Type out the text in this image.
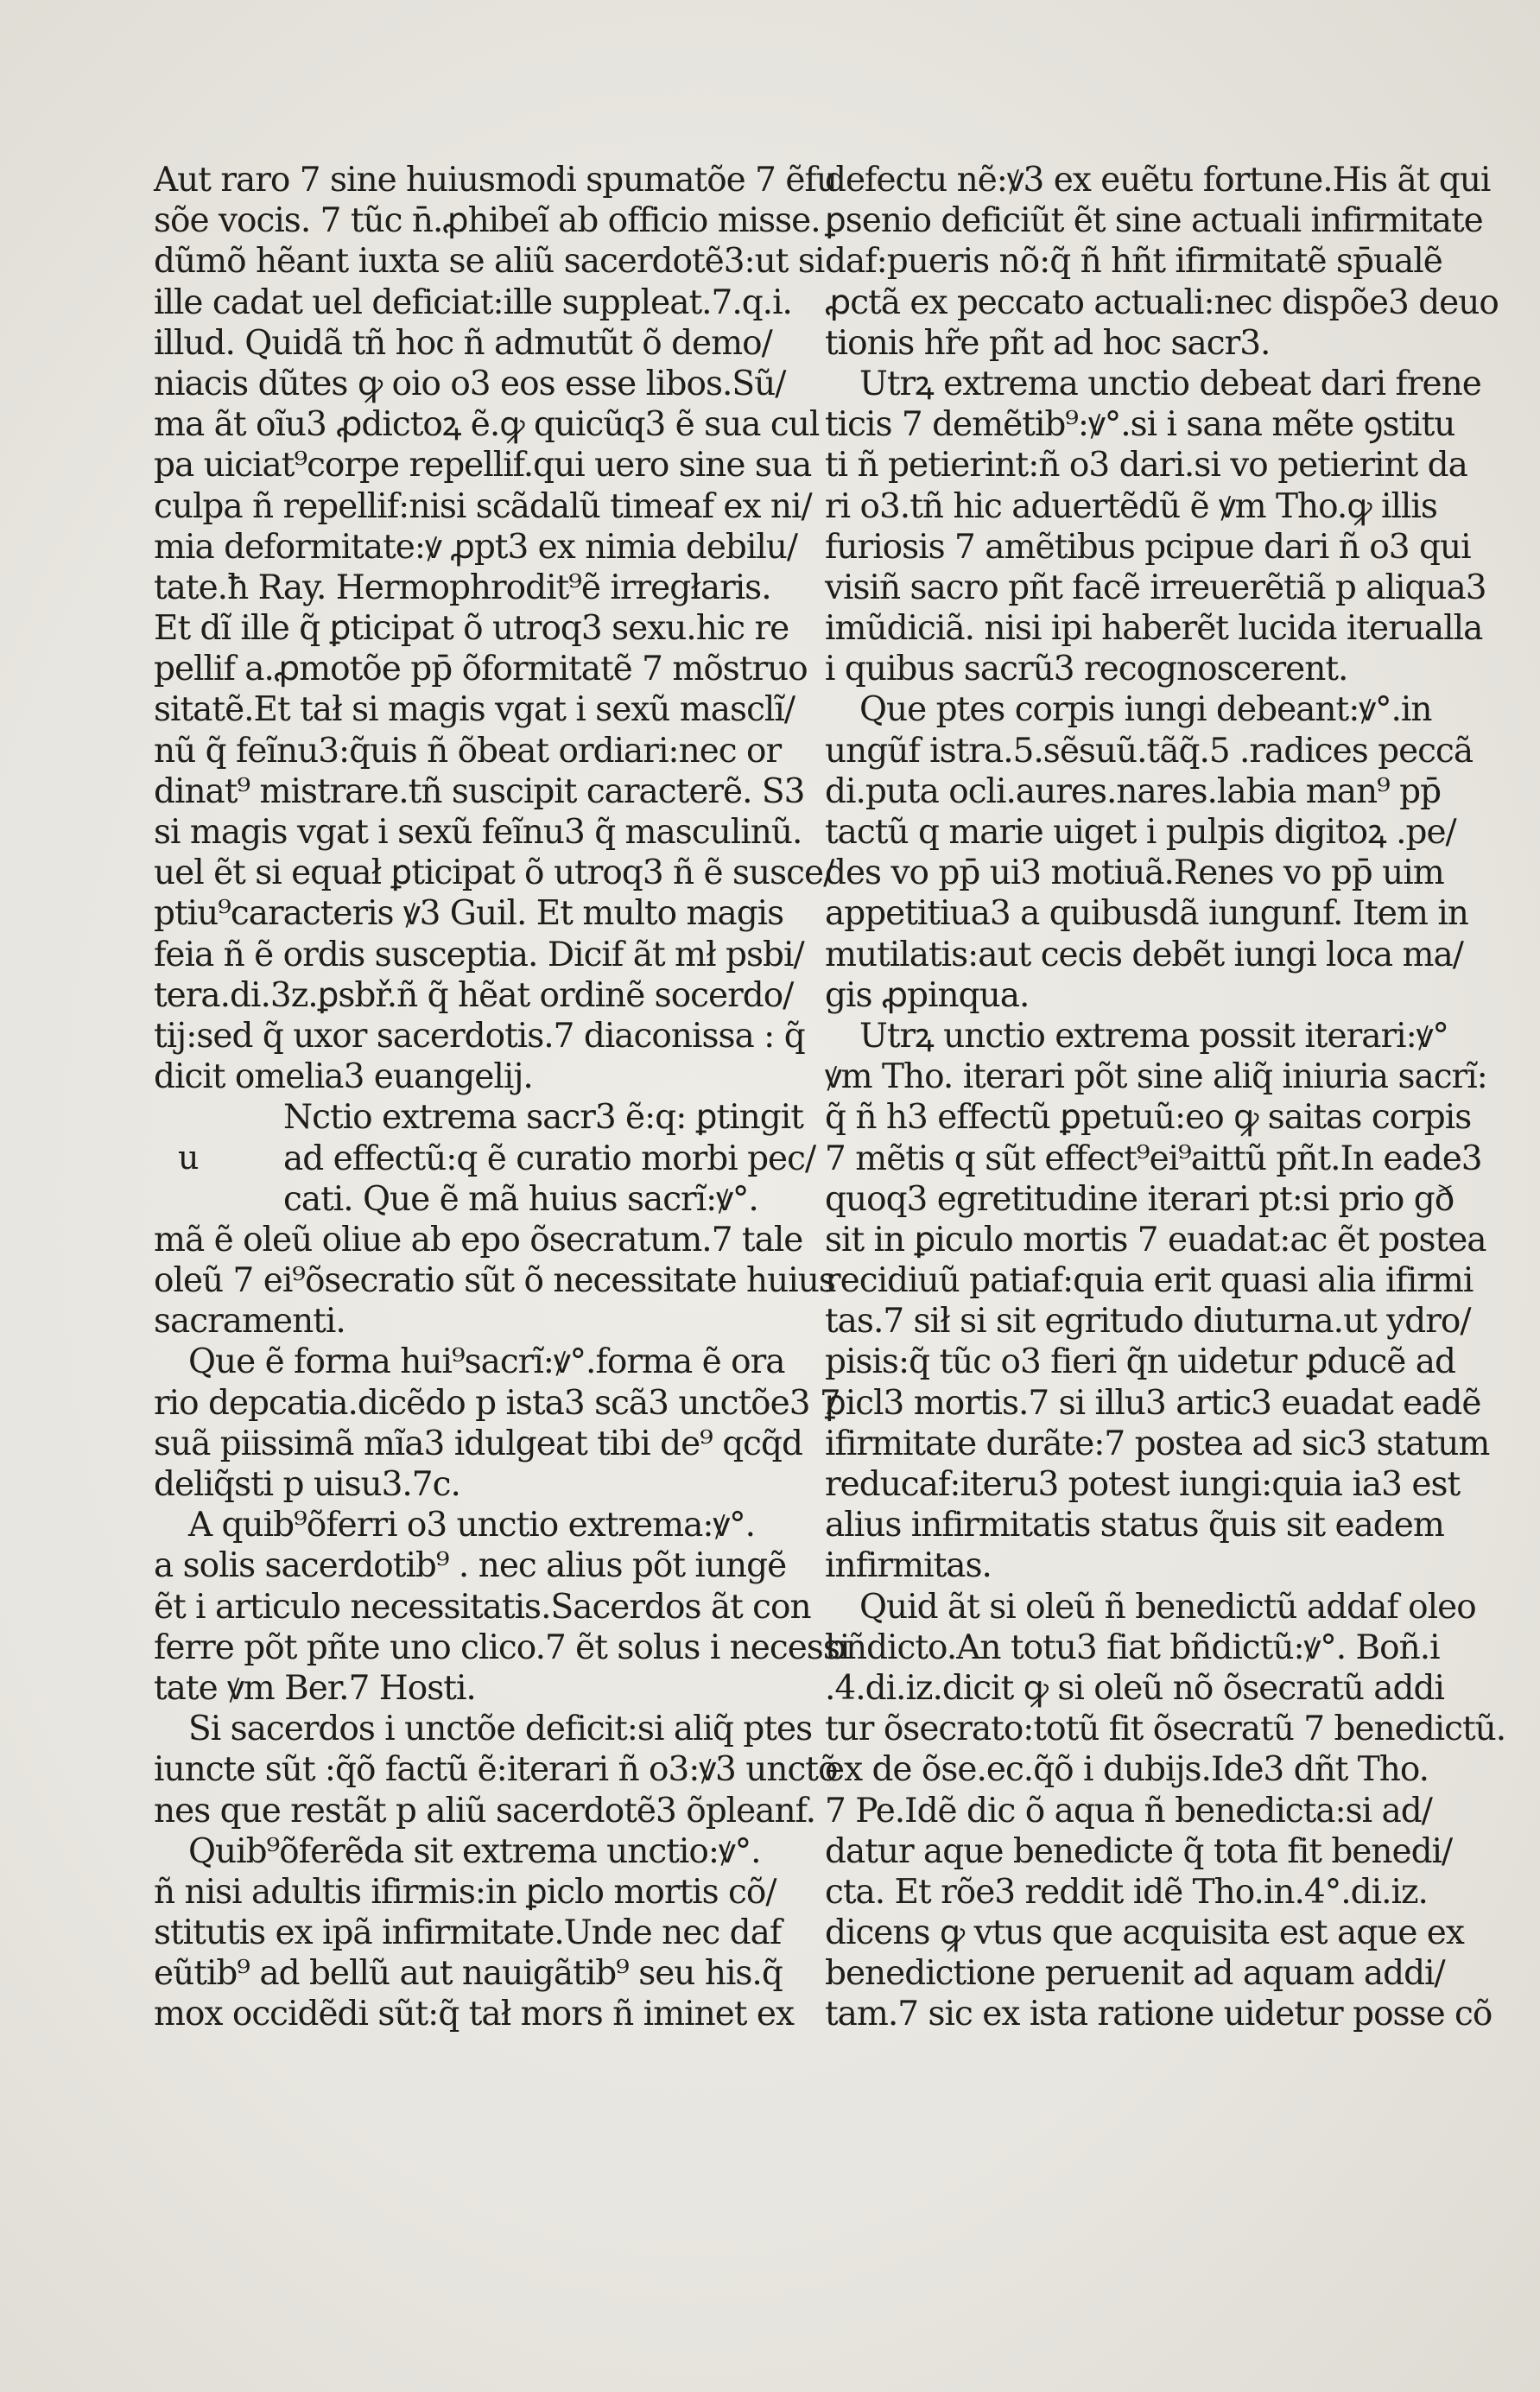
Aut raro 7 sine huiusmodi spumatõe 7 ẽfu
sõe vocis. 7 tũc n̄.ꝓhibeĩ ab officio misse.
dũmõ hẽant iuxta se aliũ sacerdotẽ3:ut si
ille cadat uel deficiat:ille suppleat.7.q.i.
illud. Quidã tñ hoc ñ admutũt õ demo/
niacis dũtes ꝙ oio o3 eos esse libos.Sũ/
ma ãt oĩu3 ꝓdictoꝝ ẽ.ꝙ quicũq3 ẽ sua cul
pa uiciat⁹corpe repellif.qui uero sine sua
culpa ñ repellif:nisi scãdalũ timeaf ex ni/
mia deformitate:ꝟ ꝓpt3 ex nimia debilu/
tate.ħ Ray. Hermophrodit⁹ẽ irregłaris.
Et dĩ ille q̃ ꝑticipat õ utroq3 sexu.hic re
pellif a.ꝓmotõe pp̄ õformitatẽ 7 mõstruo
sitatẽ.Et tał si magis vgat i sexũ masclĩ/
nũ q̃ feĩnu3:q̃uis ñ õbeat ordiari:nec or
dinat⁹ mistrare.tñ suscipit caracterẽ. S3
si magis vgat i sexũ feĩnu3 q̃ masculinũ.
uel ẽt si equał ꝑticipat õ utroq3 ñ ẽ susce/
ptiu⁹caracteris ꝟ3 Guil. Et multo magis
feia ñ ẽ ordis susceptia. Dicif ãt mł psbi/
tera.di.3z.ꝑsbř.ñ q̃ hẽat ordinẽ socerdo/
tij:sed q̃ uxor sacerdotis.7 diaconissa : q̃
dicit omelia3 euangelij.
u
Nctio extrema sacr3 ẽ:q: ꝑtingit
ad effectũ:q ẽ curatio morbi pec/
cati. Que ẽ mã huius sacrĩ:ꝟ°.
mã ẽ oleũ oliue ab epo õsecratum.7 tale
oleũ 7 ei⁹õsecratio sũt õ necessitate huius
sacramenti.
Que ẽ forma hui⁹sacrĩ:ꝟ°.forma ẽ ora
rio depcatia.dicẽdo p ista3 scã3 unctõe3 7
suã piissimã mĩa3 idulgeat tibi de⁹ qcq̃d
deliq̃sti p uisu3.7c.
A quib⁹õferri o3 unctio extrema:ꝟ°.
a solis sacerdotib⁹ . nec alius põt iungẽ
ẽt i articulo necessitatis.Sacerdos ãt con
ferre põt pñte uno clico.7 ẽt solus i necessi
tate ꝟm Ber.7 Hosti.
Si sacerdos i unctõe deficit:si aliq̃ ptes
iuncte sũt :q̃õ factũ ẽ:iterari ñ o3:ꝟ3 unctõ
nes que restãt p aliũ sacerdotẽ3 õpleanf.
Quib⁹õferẽda sit extrema unctio:ꝟ°.
ñ nisi adultis ifirmis:in ꝑiclo mortis cõ/
stitutis ex ipã infirmitate.Unde nec daf
eũtib⁹ ad bellũ aut nauigãtib⁹ seu his.q̃
mox occidẽdi sũt:q̃ tał mors ñ iminet ex
defectu nẽ:ꝟ3 ex euẽtu fortune.His ãt qui
ꝑsenio deficiũt ẽt sine actuali infirmitate
daf:pueris nõ:q̃ ñ hñt ifirmitatẽ sp̄ualẽ
ꝓctã ex peccato actuali:nec dispõe3 deuo
tionis hr̃e pñt ad hoc sacr3.
Utrꝝ extrema unctio debeat dari frene
ticis 7 demẽtib⁹:ꝟ°.si i sana mẽte ꝯstitu
ti ñ petierint:ñ o3 dari.si vo petierint da
ri o3.tñ hic aduertẽdũ ẽ ꝟm Tho.ꝙ illis
furiosis 7 amẽtibus pcipue dari ñ o3 qui
visiñ sacro pñt facẽ irreuerẽtiã p aliqua3
imũdiciã. nisi ipi haberẽt lucida iterualla
i quibus sacrũ3 recognoscerent.
Que ptes corpis iungi debeant:ꝟ°.in
ungũf istra.5.sẽsuũ.tãq̃.5 .radices peccã
di.puta ocli.aures.nares.labia man⁹ pp̄
tactũ q marie uiget i pulpis digitoꝝ .pe/
des vo pp̄ ui3 motiuã.Renes vo pp̄ uim
appetitiua3 a quibusdã iungunf. Item in
mutilatis:aut cecis debẽt iungi loca ma/
gis ꝓpinqua.
Utrꝝ unctio extrema possit iterari:ꝟ°
ꝟm Tho. iterari põt sine aliq̃ iniuria sacrĩ:
q̃ ñ h3 effectũ ꝑpetuũ:eo ꝙ saitas corpis
7 mẽtis q sũt effect⁹ei⁹aittũ pñt.In eade3
quoq3 egretitudine iterari pt:si prio gð
sit in ꝑiculo mortis 7 euadat:ac ẽt postea
recidiuũ patiaf:quia erit quasi alia ifirmi
tas.7 sił si sit egritudo diuturna.ut ydro/
pisis:q̃ tũc o3 fieri q̃n uidetur ꝑducẽ ad
ꝑicl3 mortis.7 si illu3 artic3 euadat eadẽ
ifirmitate durãte:7 postea ad sic3 statum
reducaf:iteru3 potest iungi:quia ia3 est
alius infirmitatis status q̃uis sit eadem
infirmitas.
Quid ãt si oleũ ñ benedictũ addaf oleo
bñdicto.An totu3 fiat bñdictũ:ꝟ°. Boñ.i
.4.di.iz.dicit ꝙ si oleũ nõ õsecratũ addi
tur õsecrato:totũ fit õsecratũ 7 benedictũ.
ex de õse.ec.q̃õ i dubijs.Ide3 dñt Tho.
7 Pe.Idẽ dic õ aqua ñ benedicta:si ad/
datur aque benedicte q̃ tota fit benedi/
cta. Et rõe3 reddit idẽ Tho.in.4°.di.iz.
dicens ꝙ vtus que acquisita est aque ex
benedictione peruenit ad aquam addi/
tam.7 sic ex ista ratione uidetur posse cõ
